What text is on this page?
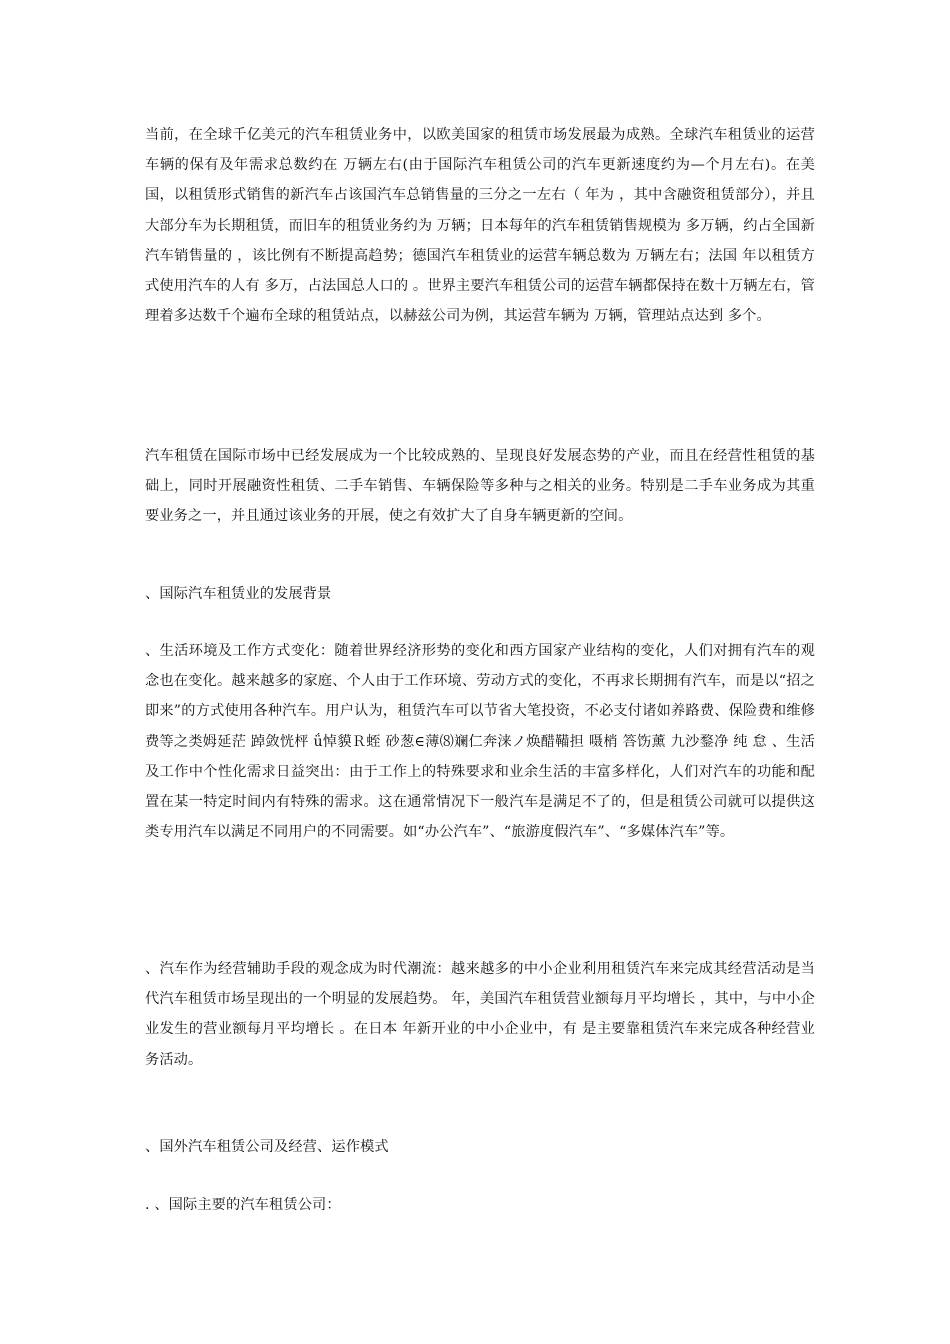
当前，在全球千亿美元的汽车租赁业务中，以欧美国家的租赁市场发展最为成熟。全球汽车租赁业的运营车辆的保有及年需求总数约在 万辆左右(由于国际汽车租赁公司的汽车更新速度约为—个月左右)。在美国，以租赁形式销售的新汽车占该国汽车总销售量的三分之一左右（ 年为 ，其中含融资租赁部分），并且大部分车为长期租赁，而旧车的租赁业务约为 万辆；日本每年的汽车租赁销售规模为 多万辆，约占全国新汽车销售量的 ，该比例有不断提高趋势；德国汽车租赁业的运营车辆总数为 万辆左右；法国 年以租赁方式使用汽车的人有 多万，占法国总人口的 。世界主要汽车租赁公司的运营车辆都保持在数十万辆左右，管理着多达数千个遍布全球的租赁站点，以赫兹公司为例，其运营车辆为 万辆，管理站点达到 多个。

汽车租赁在国际市场中已经发展成为一个比较成熟的、呈现良好发展态势的产业，而且在经营性租赁的基础上，同时开展融资性租赁、二手车销售、车辆保险等多种与之相关的业务。特别是二手车业务成为其重要业务之一，并且通过该业务的开展，使之有效扩大了自身车辆更新的空间。

、国际汽车租赁业的发展背景

、生活环境及工作方式变化：随着世界经济形势的变化和西方国家产业结构的变化，人们对拥有汽车的观念也在变化。越来越多的家庭、个人由于工作环境、劳动方式的变化，不再求长期拥有汽车，而是以“招之即来”的方式使用各种汽车。用户认为，租赁汽车可以节省大笔投资，不必支付诸如养路费、保险费和维修费等之类姆延茫 踔敛恍枰 ǘ悼貘Ｒ蛭 砂葱∈薄⑻斓仁奔涞ノ焕醋鞴担 嗫梢 答饬薰 九沙鍪净 纯 怠 、生活及工作中个性化需求日益突出：由于工作上的特殊要求和业余生活的丰富多样化，人们对汽车的功能和配置在某一特定时间内有特殊的需求。这在通常情况下一般汽车是满足不了的，但是租赁公司就可以提供这类专用汽车以满足不同用户的不同需要。如“办公汽车”、“旅游度假汽车”、“多媒体汽车”等。

、汽车作为经营辅助手段的观念成为时代潮流：越来越多的中小企业利用租赁汽车来完成其经营活动是当代汽车租赁市场呈现出的一个明显的发展趋势。 年，美国汽车租赁营业额每月平均增长 ，其中，与中小企业发生的营业额每月平均增长 。在日本 年新开业的中小企业中，有 是主要靠租赁汽车来完成各种经营业务活动。

、国外汽车租赁公司及经营、运作模式

. 、国际主要的汽车租赁公司：
